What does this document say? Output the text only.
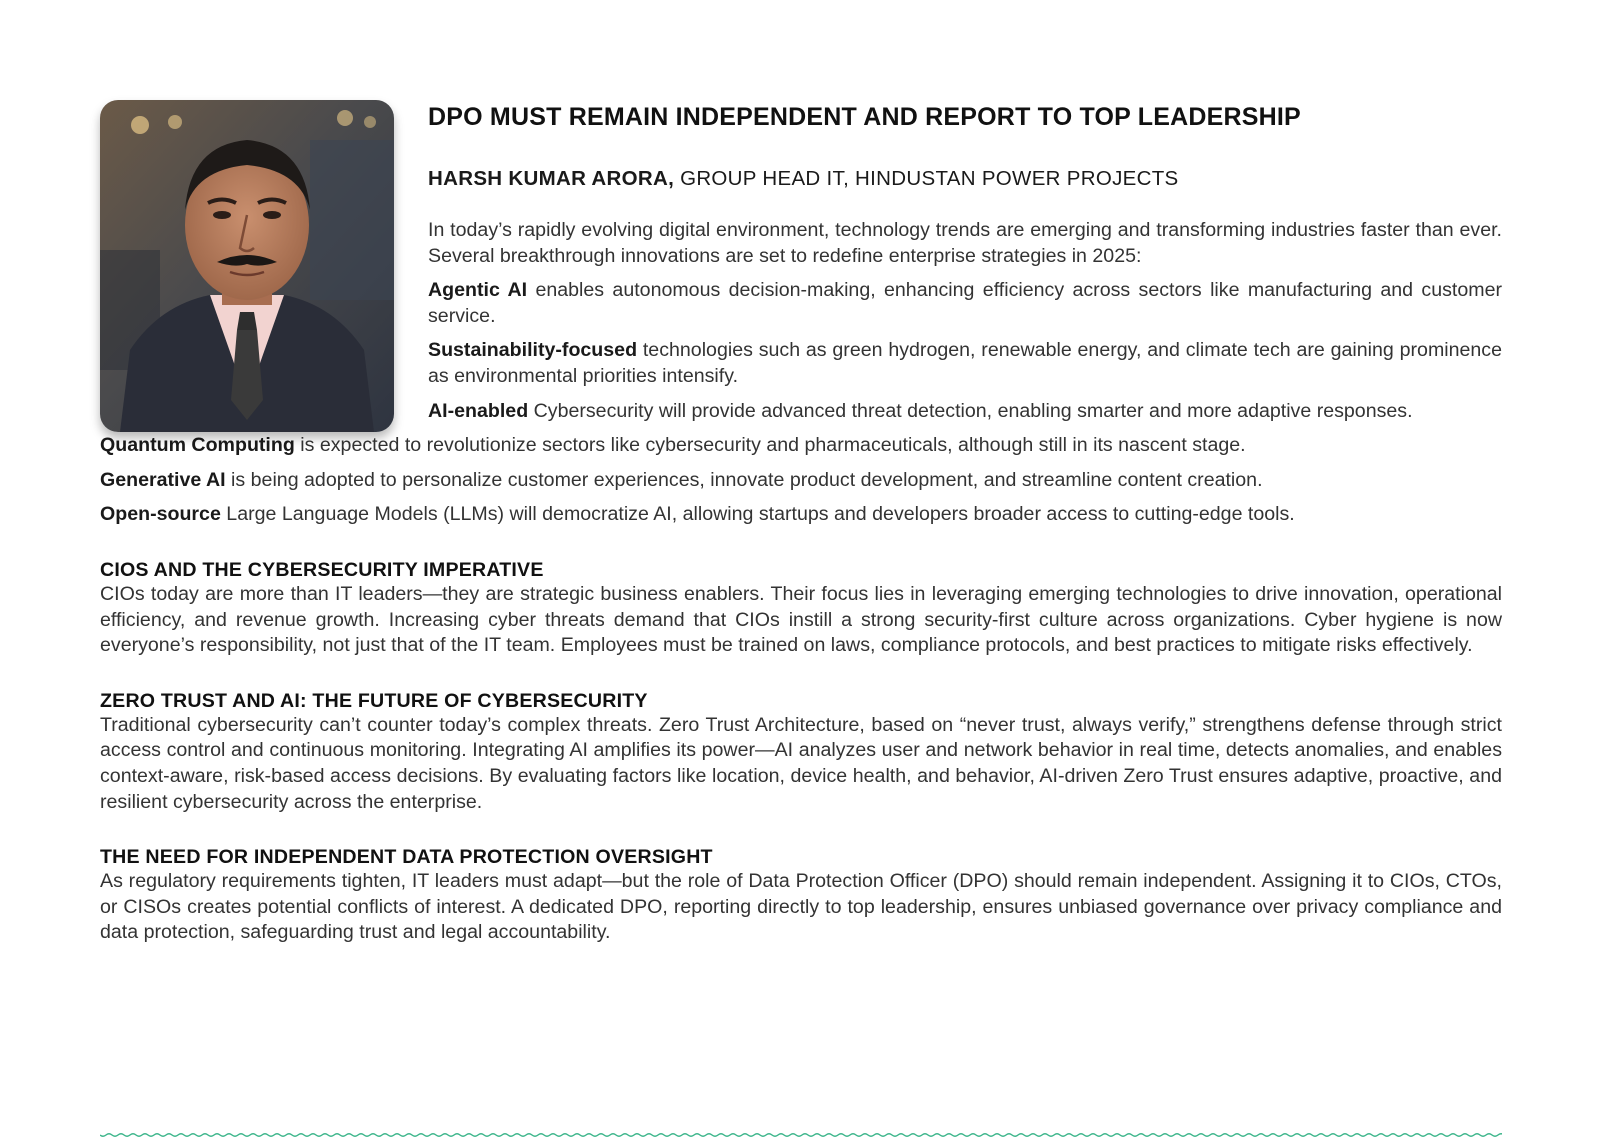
DPO MUST REMAIN INDEPENDENT AND REPORT TO TOP LEADERSHIP
HARSH KUMAR ARORA, GROUP HEAD IT, HINDUSTAN POWER PROJECTS

In today’s rapidly evolving digital environment, technology trends are emerging and transforming industries faster than ever. Several breakthrough innovations are set to redefine enterprise strategies in 2025:

Agentic AI enables autonomous decision-making, enhancing efficiency across sectors like manufacturing and customer service.

Sustainability-focused technologies such as green hydrogen, renewable energy, and climate tech are gaining prominence as environmental priorities intensify.

AI-enabled Cybersecurity will provide advanced threat detection, enabling smarter and more adaptive responses.

Quantum Computing is expected to revolutionize sectors like cybersecurity and pharmaceuticals, although still in its nascent stage.

Generative AI is being adopted to personalize customer experiences, innovate product development, and streamline content creation.

Open-source Large Language Models (LLMs) will democratize AI, allowing startups and developers broader access to cutting-edge tools.

CIOS AND THE CYBERSECURITY IMPERATIVE

CIOs today are more than IT leaders—they are strategic business enablers. Their focus lies in leveraging emerging technologies to drive innovation, operational efficiency, and revenue growth. Increasing cyber threats demand that CIOs instill a strong security-first culture across organizations. Cyber hygiene is now everyone’s responsibility, not just that of the IT team. Employees must be trained on laws, compliance protocols, and best practices to mitigate risks effectively.

ZERO TRUST AND AI: THE FUTURE OF CYBERSECURITY

Traditional cybersecurity can’t counter today’s complex threats. Zero Trust Architecture, based on “never trust, always verify,” strengthens defense through strict access control and continuous monitoring. Integrating AI amplifies its power—AI analyzes user and network behavior in real time, detects anomalies, and enables context-aware, risk-based access decisions. By evaluating factors like location, device health, and behavior, AI-driven Zero Trust ensures adaptive, proactive, and resilient cybersecurity across the enterprise.

THE NEED FOR INDEPENDENT DATA PROTECTION OVERSIGHT

As regulatory requirements tighten, IT leaders must adapt—but the role of Data Protection Officer (DPO) should remain independent. Assigning it to CIOs, CTOs, or CISOs creates potential conflicts of interest. A dedicated DPO, reporting directly to top leadership, ensures unbiased governance over privacy compliance and data protection, safeguarding trust and legal accountability.
